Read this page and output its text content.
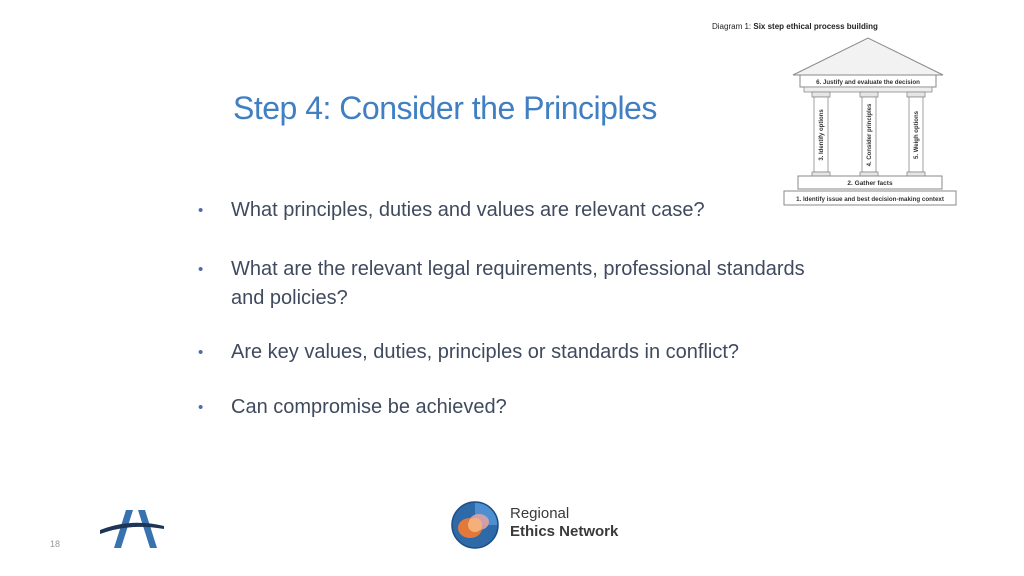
Step 4: Consider the Principles
•	What principles, duties and values are relevant case?
•	What are the relevant legal requirements, professional standards and policies?
•	Are key values, duties, principles or standards in conflict?
•	Can compromise be achieved?
Diagram 1: Six step ethical process building
6. Justify and evaluate the decision
3. Identify options	4. Consider principles	5. Weigh options
2. Gather facts
1. Identify issue and best decision-making context
Regional
Ethics Network
18
